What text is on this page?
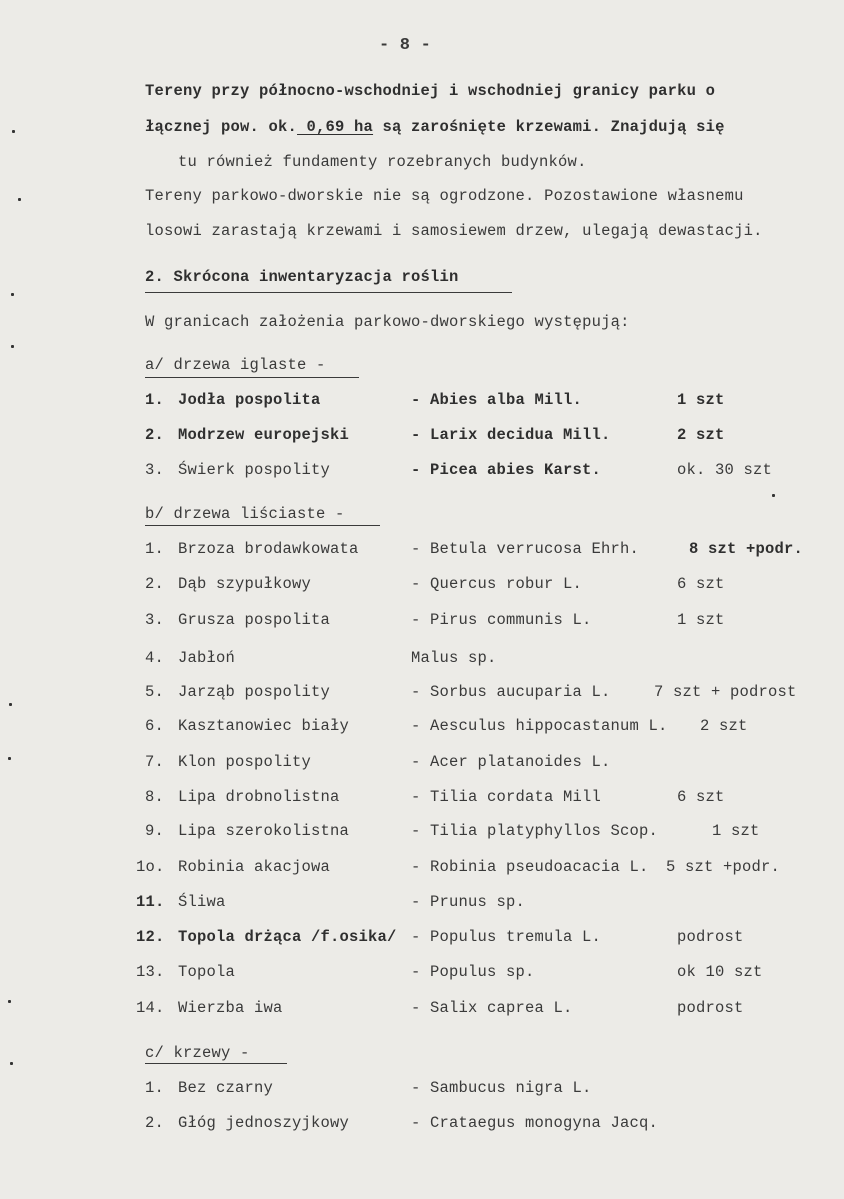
- 8 -
Tereny przy północno-wschodniej i wschodniej granicy parku o
łącznej pow. ok. 0,69 ha są zarośnięte krzewami. Znajdują się
tu również fundamenty rozebranych budynków.
Tereny parkowo-dworskie nie są ogrodzone. Pozostawione własnemu
losowi zarastają krzewami i samosiewem drzew, ulegają dewastacji.
2. Skrócona inwentaryzacja roślin
W granicach założenia parkowo-dworskiego występują:
a/ drzewa iglaste -
1. Jodła pospolita	- Abies alba Mill.	1 szt
2. Modrzew europejski	- Larix decidua Mill.	2 szt
3. Świerk pospolity	- Picea abies Karst.	ok. 30 szt
b/ drzewa liściaste -
1. Brzoza brodawkowata	- Betula verrucosa Ehrh.	8 szt +podr.
2. Dąb szypułkowy	- Quercus robur L.	6 szt
3. Grusza pospolita	- Pirus communis L.	1 szt
4. Jabłoń	Malus sp.
5. Jarząb pospolity	- Sorbus aucuparia L.	7 szt + podrost
6. Kasztanowiec biały	- Aesculus hippocastanum L. 2 szt
7. Klon pospolity	- Acer platanoides L.
8. Lipa drobnolistna	- Tilia cordata Mill	6 szt
9. Lipa szerokolistna	- Tilia platyphyllos Scop.	1 szt
1o. Robinia akacjowa	- Robinia pseudoacacia L. 5 szt +podr.
11. Śliwa	- Prunus sp.
12. Topola drżąca /f.osika/ - Populus tremula L.	podrost
13. Topola	- Populus sp.	ok 10 szt
14. Wierzba iwa	- Salix caprea L.	podrost
c/ krzewy -
1. Bez czarny	- Sambucus nigra L.
2. Głóg jednoszyjkowy	- Crataegus monogyna Jacq.
